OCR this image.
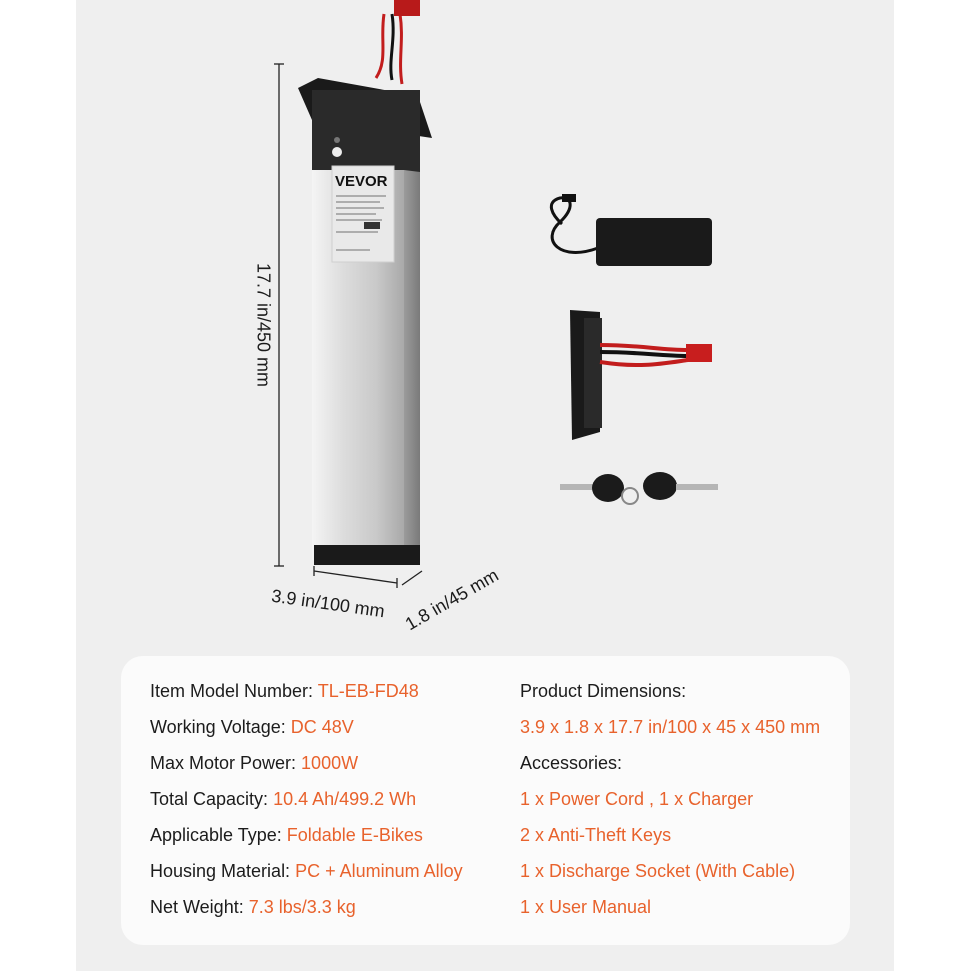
VEVOR
17.7 in/450 mm
3.9 in/100 mm 1.8 in/45 mm
Item Model Number: TL-EB-FD48
Working Voltage: DC 48V
Max Motor Power: 1000W
Total Capacity: 10.4 Ah/499.2 Wh
Applicable Type: Foldable E-Bikes
Housing Material: PC + Aluminum Alloy
Net Weight: 7.3 lbs/3.3 kg
Product Dimensions:
3.9 x 1.8 x 17.7 in/100 x 45 x 450 mm
Accessories:
1 x Power Cord , 1 x Charger
2 x Anti-Theft Keys
1 x Discharge Socket (With Cable)
1 x User Manual
